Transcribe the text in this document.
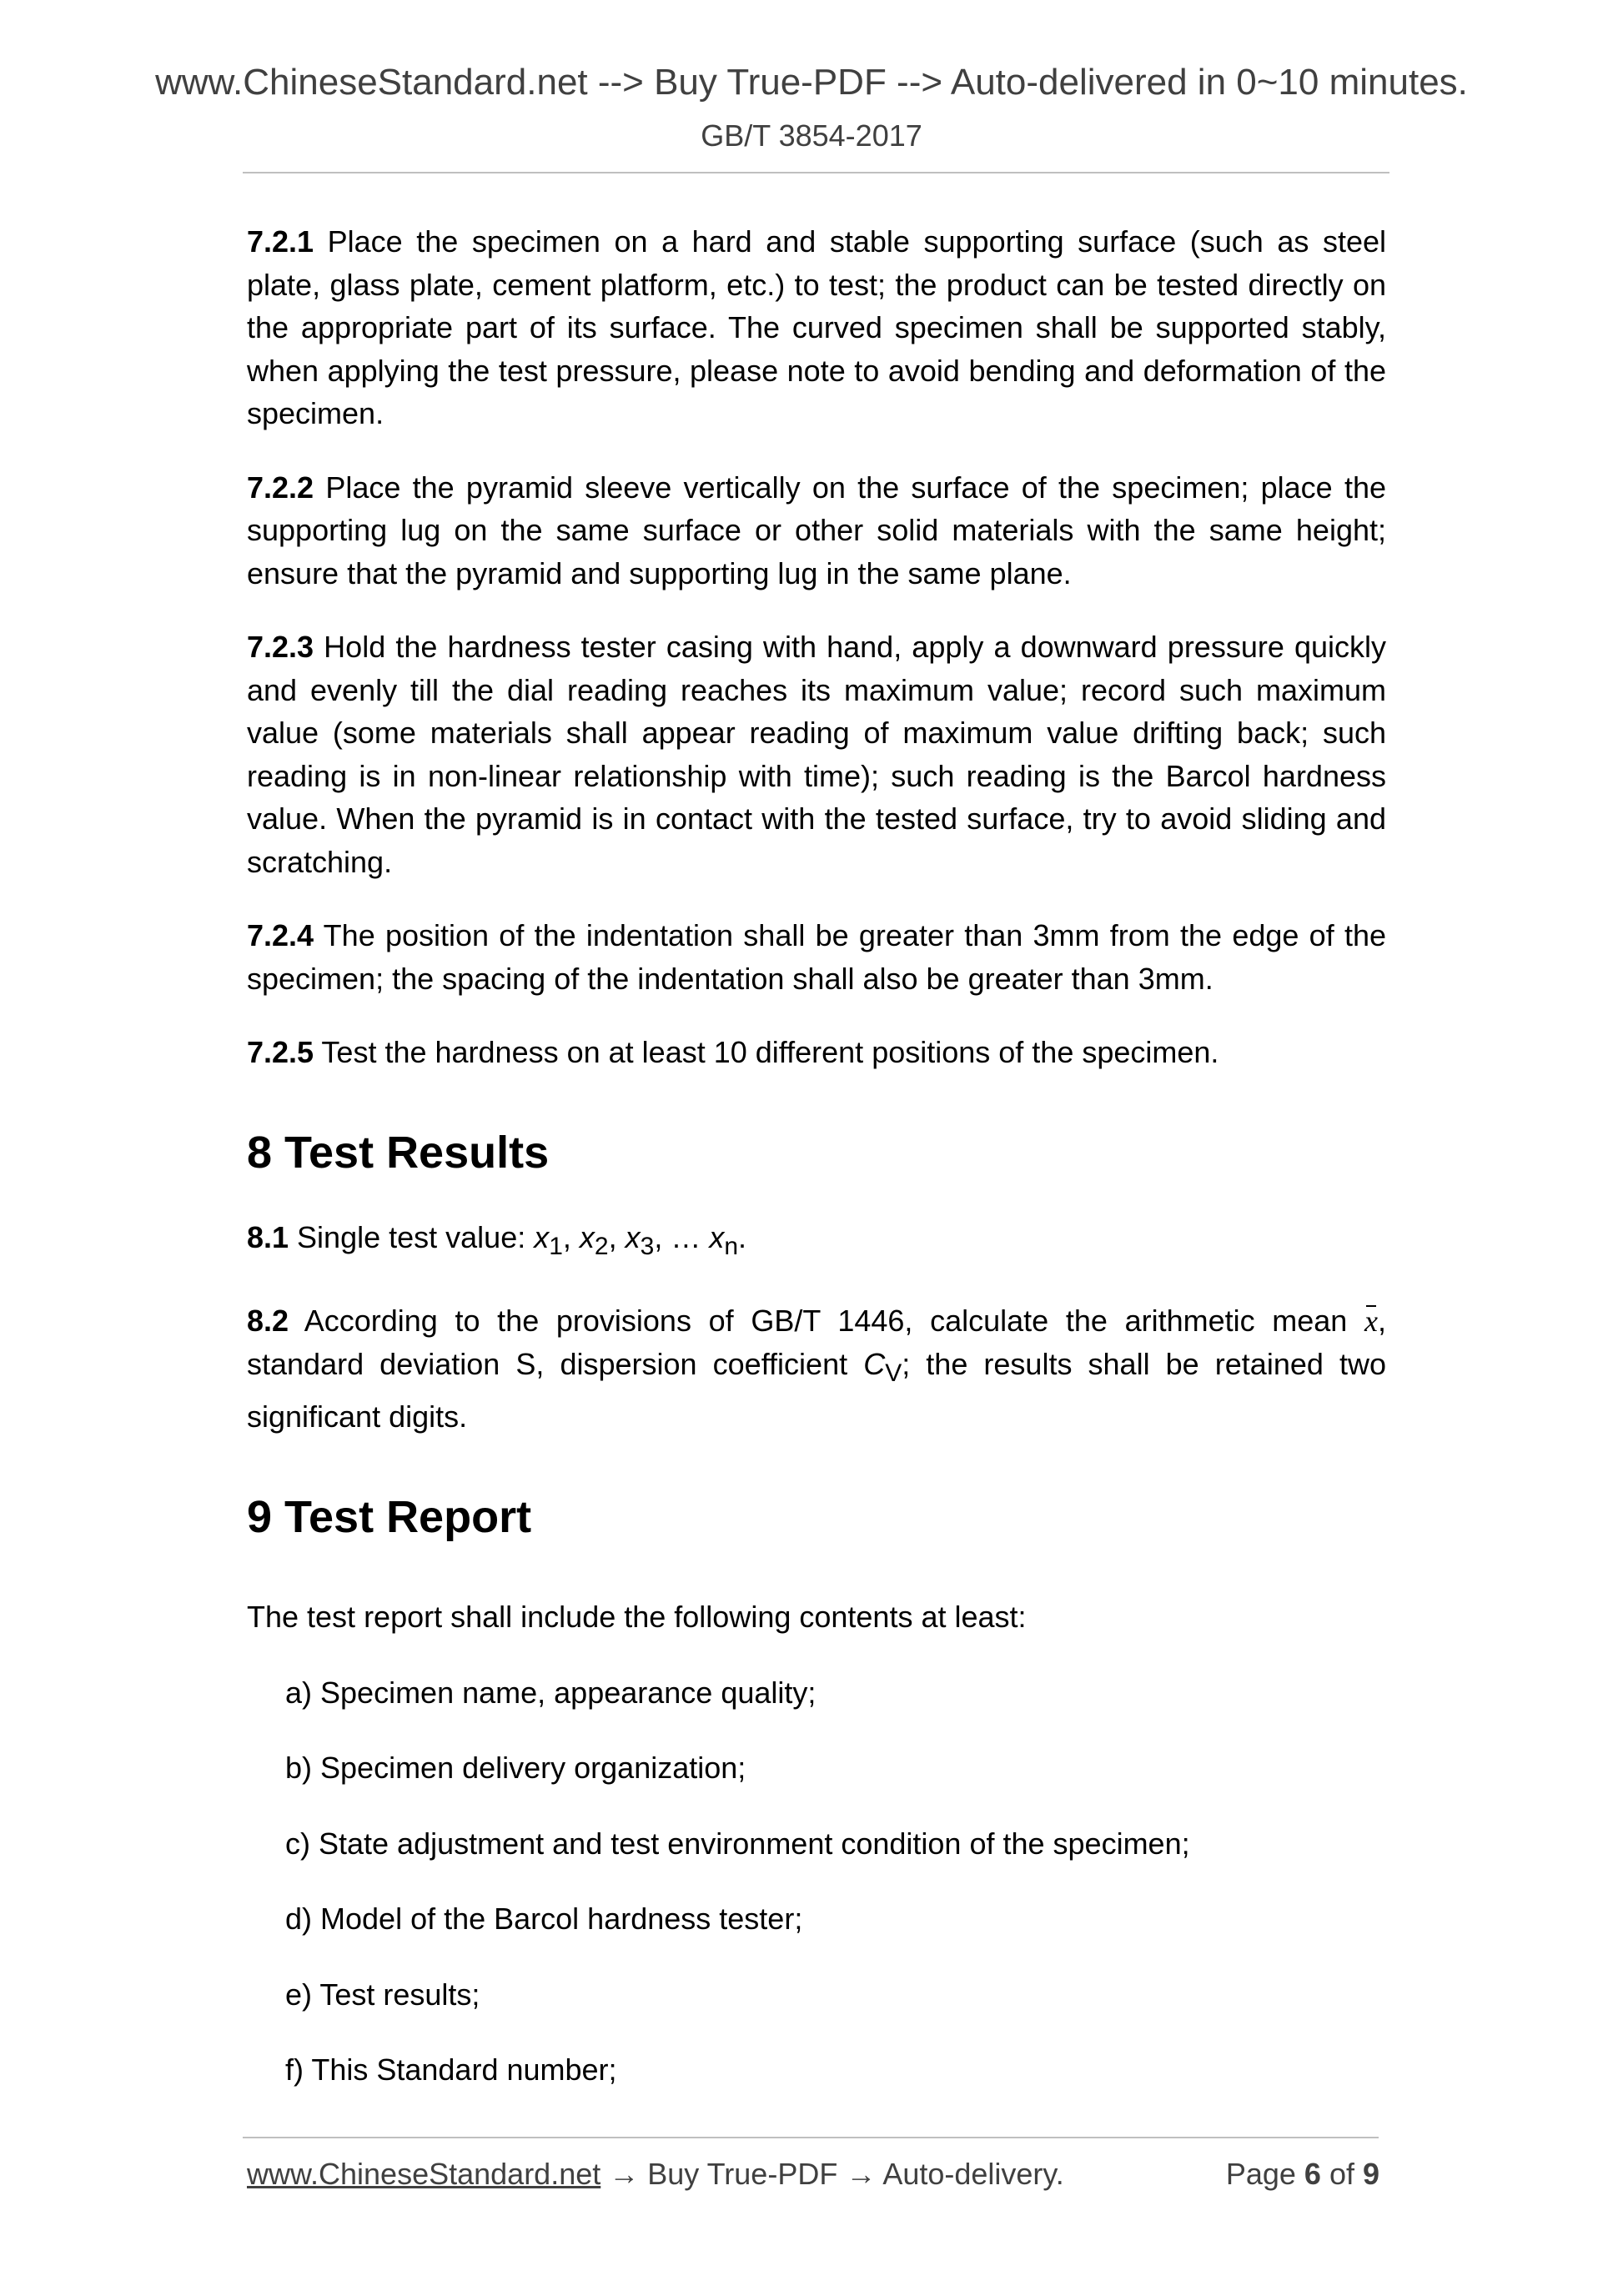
www.ChineseStandard.net --> Buy True-PDF --> Auto-delivered in 0~10 minutes.
GB/T 3854-2017

7.2.1 Place the specimen on a hard and stable supporting surface (such as steel plate, glass plate, cement platform, etc.) to test; the product can be tested directly on the appropriate part of its surface. The curved specimen shall be supported stably, when applying the test pressure, please note to avoid bending and deformation of the specimen.

7.2.2 Place the pyramid sleeve vertically on the surface of the specimen; place the supporting lug on the same surface or other solid materials with the same height; ensure that the pyramid and supporting lug in the same plane.

7.2.3 Hold the hardness tester casing with hand, apply a downward pressure quickly and evenly till the dial reading reaches its maximum value; record such maximum value (some materials shall appear reading of maximum value drifting back; such reading is in non-linear relationship with time); such reading is the Barcol hardness value. When the pyramid is in contact with the tested surface, try to avoid sliding and scratching.

7.2.4 The position of the indentation shall be greater than 3mm from the edge of the specimen; the spacing of the indentation shall also be greater than 3mm.

7.2.5 Test the hardness on at least 10 different positions of the specimen.

8 Test Results

8.1 Single test value: $x_1$, $x_2$, $x_3$, … $x_n$.

8.2 According to the provisions of GB/T 1446, calculate the arithmetic mean x, standard deviation S, dispersion coefficient $C_V$; the results shall be retained two significant digits.

9 Test Report

The test report shall include the following contents at least:

a) Specimen name, appearance quality;
b) Specimen delivery organization;
c) State adjustment and test environment condition of the specimen;
d) Model of the Barcol hardness tester;
e) Test results;
f) This Standard number;
www.ChineseStandard.net → Buy True-PDF → Auto-delivery.	Page 6 of 9
